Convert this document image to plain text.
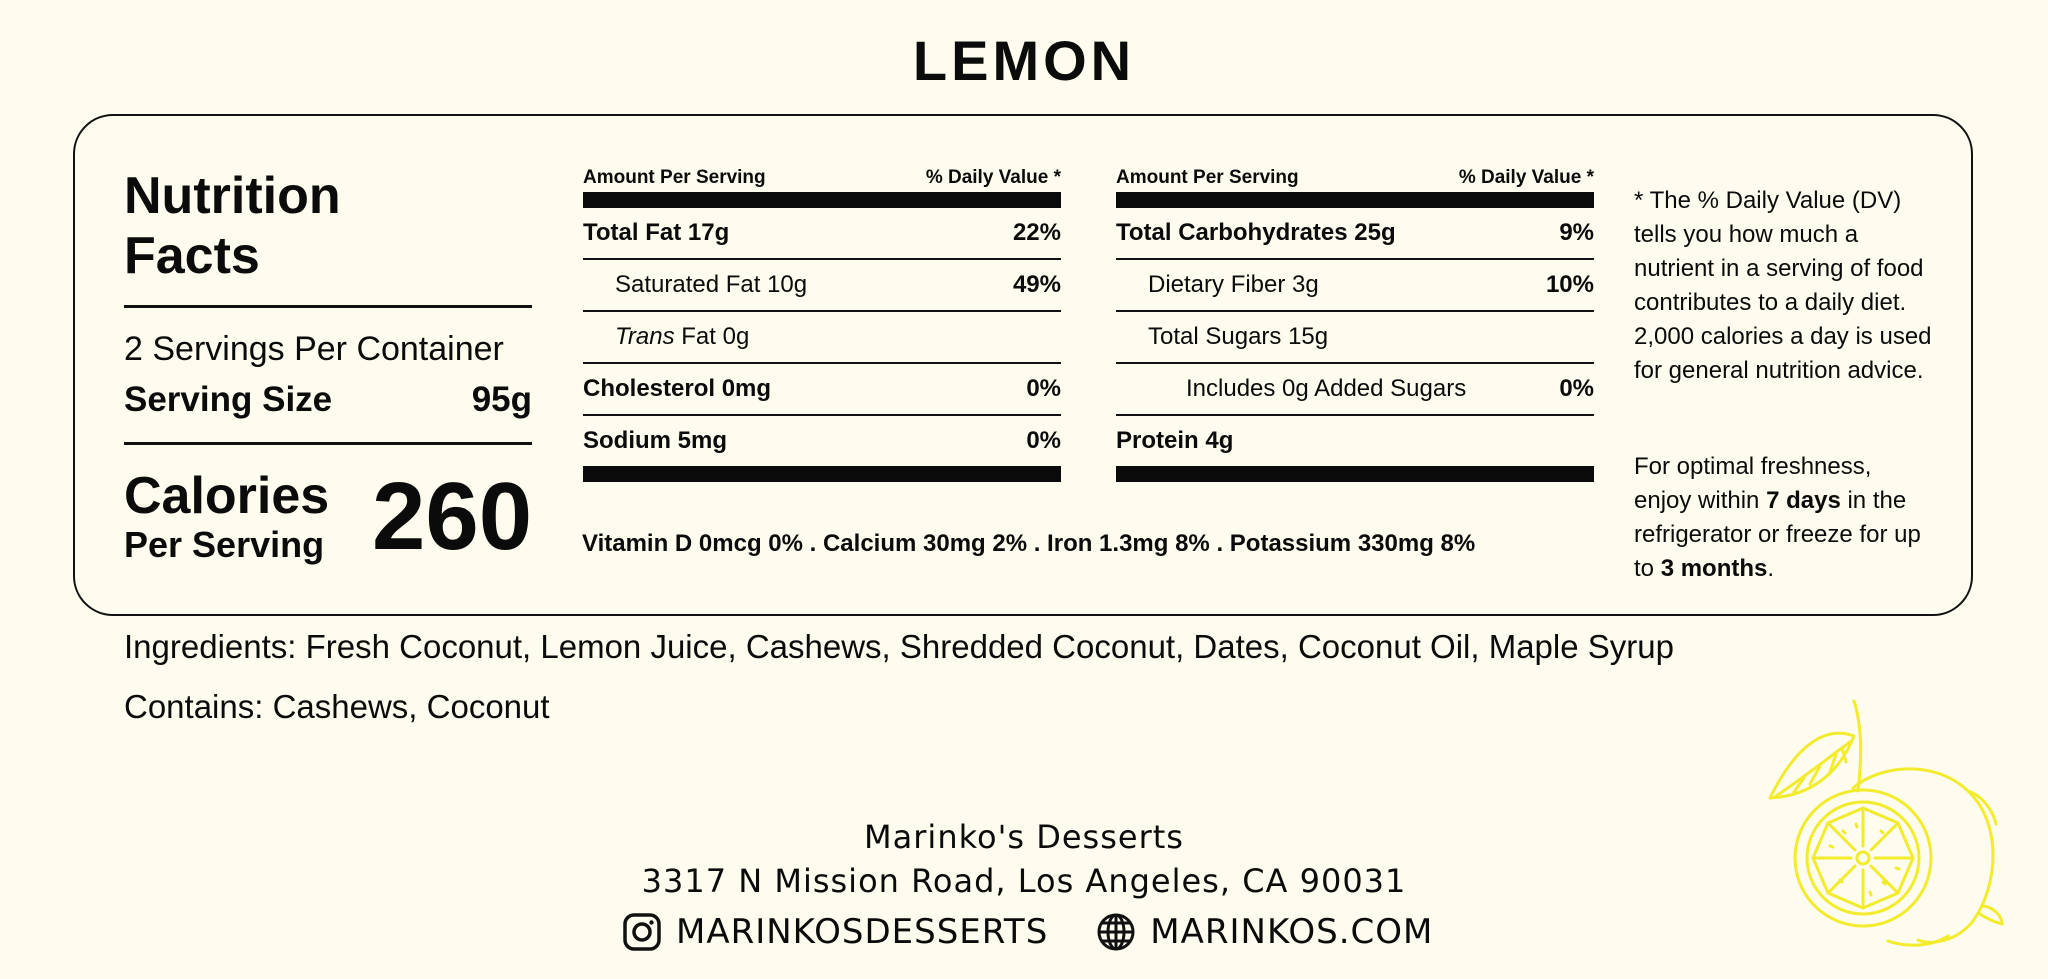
LEMON
Nutrition
Facts
2 Servings Per Container
Serving Size	95g
Calories
Per Serving 260
Amount Per Serving	% Daily Value *
Total Fat 17g	22%
Saturated Fat 10g	49%
Trans Fat 0g
Cholesterol 0mg	0%
Sodium 5mg	0%
Amount Per Serving	% Daily Value *
Total Carbohydrates 25g	9%
Dietary Fiber 3g	10%
Total Sugars 15g
Includes 0g Added Sugars	0%
Protein 4g
Vitamin D 0mcg 0% . Calcium 30mg 2% . Iron 1.3mg 8% . Potassium 330mg 8%
* The % Daily Value (DV) tells you how much a nutrient in a serving of food contributes to a daily diet. 2,000 calories a day is used for general nutrition advice.
For optimal freshness, enjoy within 7 days in the refrigerator or freeze for up to 3 months.
Ingredients: Fresh Coconut, Lemon Juice, Cashews, Shredded Coconut, Dates, Coconut Oil, Maple Syrup
Contains: Cashews, Coconut
Marinko's Desserts
3317 N Mission Road, Los Angeles, CA 90031
MARINKOSDESSERTS	MARINKOS.COM
